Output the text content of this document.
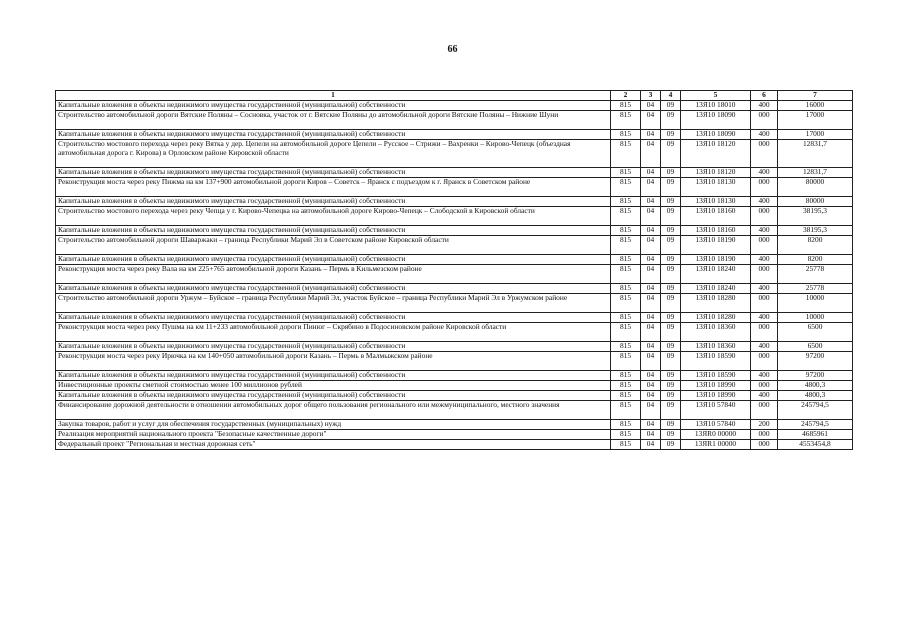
66
1	2	3	4	5	6	7
Капитальные вложения в объекты недвижимого имущества государственной (муниципальной) собственности	815	04	09	13Я10 18010	400	16000
Строительство автомобильной дороги Вятские Поляны – Сосновка, участок от г. Вятские Поляны до автомобильной дороги Вятские Поляны – Нижние Шуни	815	04	09	13Я10 18090	000	17000
Капитальные вложения в объекты недвижимого имущества государственной (муниципальной) собственности	815	04	09	13Я10 18090	400	17000
Строительство мостового перехода через реку Вятка у дер. Цепели на автомобильной дороге Цепели – Русское – Стрижи – Вахренки – Кирово-Чепецк (объездная автомобильная дорога г. Кирова) в Орловском районе Кировской области	815	04	09	13Я10 18120	000	12831,7
Капитальные вложения в объекты недвижимого имущества государственной (муниципальной) собственности	815	04	09	13Я10 18120	400	12831,7
Реконструкция моста через реку Пижма на км 137+900 автомобильной дороги Киров – Советск – Яранск с подъездом к г. Яранск в Советском районе	815	04	09	13Я10 18130	000	80000
Капитальные вложения в объекты недвижимого имущества государственной (муниципальной) собственности	815	04	09	13Я10 18130	400	80000
Строительство мостового перехода через реку Чепца у г. Кирово-Чепецка на автомобильной дороге Кирово-Чепецк – Слободской в Кировской области	815	04	09	13Я10 18160	000	38195,3
Капитальные вложения в объекты недвижимого имущества государственной (муниципальной) собственности	815	04	09	13Я10 18160	400	38195,3
Строительство автомобильной дороги Шаваржаки – граница Республики Марий Эл в Советском районе Кировской области	815	04	09	13Я10 18190	000	8200
Капитальные вложения в объекты недвижимого имущества государственной (муниципальной) собственности	815	04	09	13Я10 18190	400	8200
Реконструкция моста через реку Вала на км 225+765 автомобильной дороги Казань – Пермь в Кильмезском районе	815	04	09	13Я10 18240	000	25778
Капитальные вложения в объекты недвижимого имущества государственной (муниципальной) собственности	815	04	09	13Я10 18240	400	25778
Строительство автомобильной дороги Уржум – Буйское – граница Республики Марий Эл, участок Буйское – граница Республики Марий Эл в Уржумском районе	815	04	09	13Я10 18280	000	10000
Капитальные вложения в объекты недвижимого имущества государственной (муниципальной) собственности	815	04	09	13Я10 18280	400	10000
Реконструкция моста через реку Пушма на км 11+233 автомобильной дороги Пинюг – Скрябино в Подосиновском районе Кировской области	815	04	09	13Я10 18360	000	6500
Капитальные вложения в объекты недвижимого имущества государственной (муниципальной) собственности	815	04	09	13Я10 18360	400	6500
Реконструкция моста через реку Ирючка на км 140+050 автомобильной дороги Казань – Пермь в Малмыжском районе	815	04	09	13Я10 18590	000	97200
Капитальные вложения в объекты недвижимого имущества государственной (муниципальной) собственности	815	04	09	13Я10 18590	400	97200
Инвестиционные проекты сметной стоимостью менее 100 миллионов рублей	815	04	09	13Я10 18990	000	4800,3
Капитальные вложения в объекты недвижимого имущества государственной (муниципальной) собственности	815	04	09	13Я10 18990	400	4800,3
Финансирование дорожной деятельности в отношении автомобильных дорог общего пользования регионального или межмуниципального, местного значения	815	04	09	13Я10 57840	000	245794,5
Закупка товаров, работ и услуг для обеспечения государственных (муниципальных) нужд	815	04	09	13Я10 57840	200	245794,5
Реализация мероприятий национального проекта "Безопасные качественные дороги"	815	04	09	13ЯR0 00000	000	4685961
Федеральный проект "Региональная и местная дорожная сеть"	815	04	09	13ЯR1 00000	000	4553454,8
